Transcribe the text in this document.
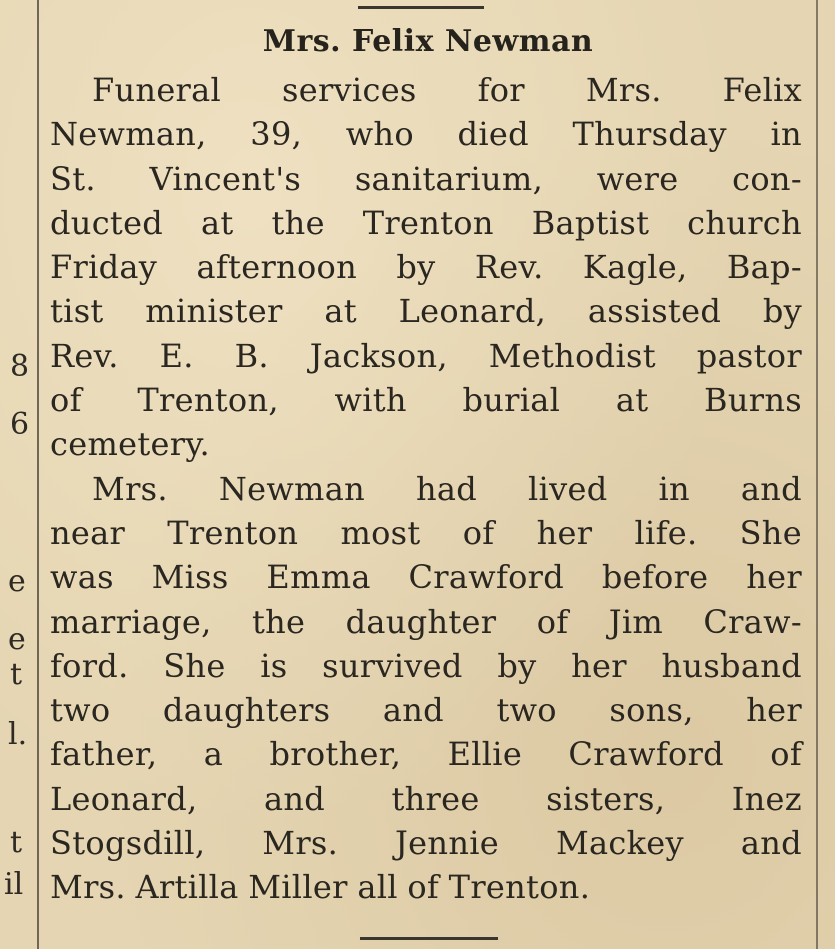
8
6
e
e
t
l.
t
il
Mrs. Felix Newman
Funeral services for Mrs. Felix
Newman, 39, who died Thursday in
St. Vincent's sanitarium, were con-
ducted at the Trenton Baptist church
Friday afternoon by Rev. Kagle, Bap-
tist minister at Leonard, assisted by
Rev. E. B. Jackson, Methodist pastor
of Trenton, with burial at Burns
cemetery.
Mrs. Newman had lived in and
near Trenton most of her life. She
was Miss Emma Crawford before her
marriage, the daughter of Jim Craw-
ford. She is survived by her husband
two daughters and two sons, her
father, a brother, Ellie Crawford of
Leonard, and three sisters, Inez
Stogsdill, Mrs. Jennie Mackey and
Mrs. Artilla Miller all of Trenton.
